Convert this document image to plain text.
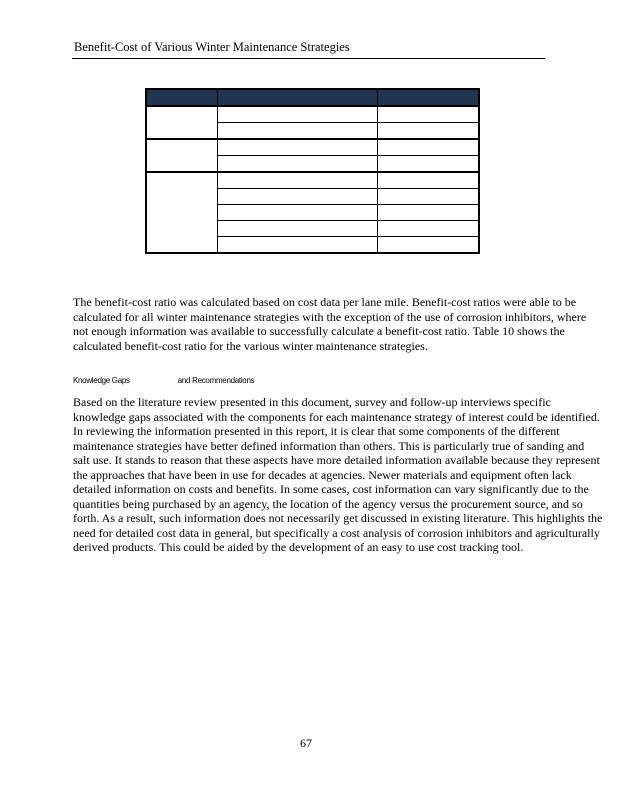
Benefit-Cost of Various Winter Maintenance Strategies

The benefit-cost ratio was calculated based on cost data per lane mile. Benefit-cost ratios were able to be calculated for all winter maintenance strategies with the exception of the use of corrosion inhibitors, where not enough information was available to successfully calculate a benefit-cost ratio. Table 10 shows the calculated benefit-cost ratio for the various winter maintenance strategies.
Knowledge Gaps	and Recommendations
Based on the literature review presented in this document, survey and follow-up interviews specific knowledge gaps associated with the components for each maintenance strategy of interest could be identified. In reviewing the information presented in this report, it is clear that some components of the different maintenance strategies have better defined information than others. This is particularly true of sanding and salt use. It stands to reason that these aspects have more detailed information available because they represent the approaches that have been in use for decades at agencies. Newer materials and equipment often lack detailed information on costs and benefits. In some cases, cost information can vary significantly due to the quantities being purchased by an agency, the location of the agency versus the procurement source, and so forth. As a result, such information does not necessarily get discussed in existing literature. This highlights the need for detailed cost data in general, but specifically a cost analysis of corrosion inhibitors and agriculturally derived products. This could be aided by the development of an easy to use cost tracking tool.
67
